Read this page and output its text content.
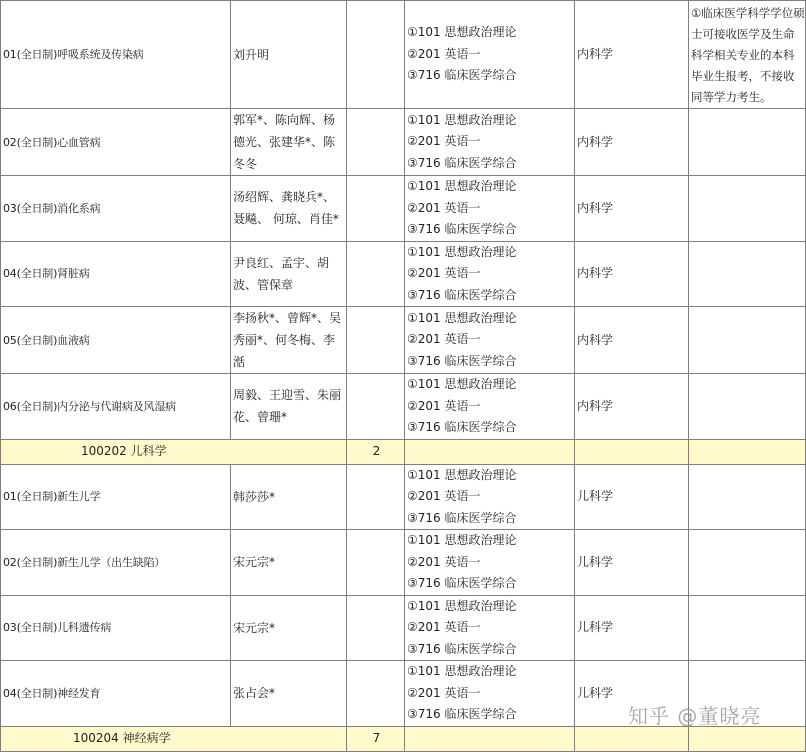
01(全日制)呼吸系统及传染病	刘升明		①101 思想政治理论
②201 英语一
③716 临床医学综合	内科学	①临床医学科学学位硕士可接收医学及生命科学相关专业的本科毕业生报考，不接收同等学力考生。
02(全日制)心血管病	郭军*、陈向辉、杨德光、张建华*、陈冬冬		①101 思想政治理论
②201 英语一
③716 临床医学综合	内科学	
03(全日制)消化系病	汤绍辉、龚晓兵*、聂飚、 何琼、肖佳*		①101 思想政治理论
②201 英语一
③716 临床医学综合	内科学	
04(全日制)肾脏病	尹良红、孟宇、胡波、管保章		①101 思想政治理论
②201 英语一
③716 临床医学综合	内科学	
05(全日制)血液病	李扬秋*、曾辉*、吴秀丽*、何冬梅、李湉		①101 思想政治理论
②201 英语一
③716 临床医学综合	内科学	
06(全日制)内分泌与代谢病及风湿病	周毅、王迎雪、朱丽花、曾珊*		①101 思想政治理论
②201 英语一
③716 临床医学综合	内科学	
100202 儿科学		2			
01(全日制)新生儿学	韩莎莎*		①101 思想政治理论
②201 英语一
③716 临床医学综合	儿科学	
02(全日制)新生儿学（出生缺陷）	宋元宗*		①101 思想政治理论
②201 英语一
③716 临床医学综合	儿科学	
03(全日制)儿科遗传病	宋元宗*		①101 思想政治理论
②201 英语一
③716 临床医学综合	儿科学	
04(全日制)神经发育	张占会*		①101 思想政治理论
②201 英语一
③716 临床医学综合	儿科学	
100204 神经病学		7			
知乎 @董晓亮
